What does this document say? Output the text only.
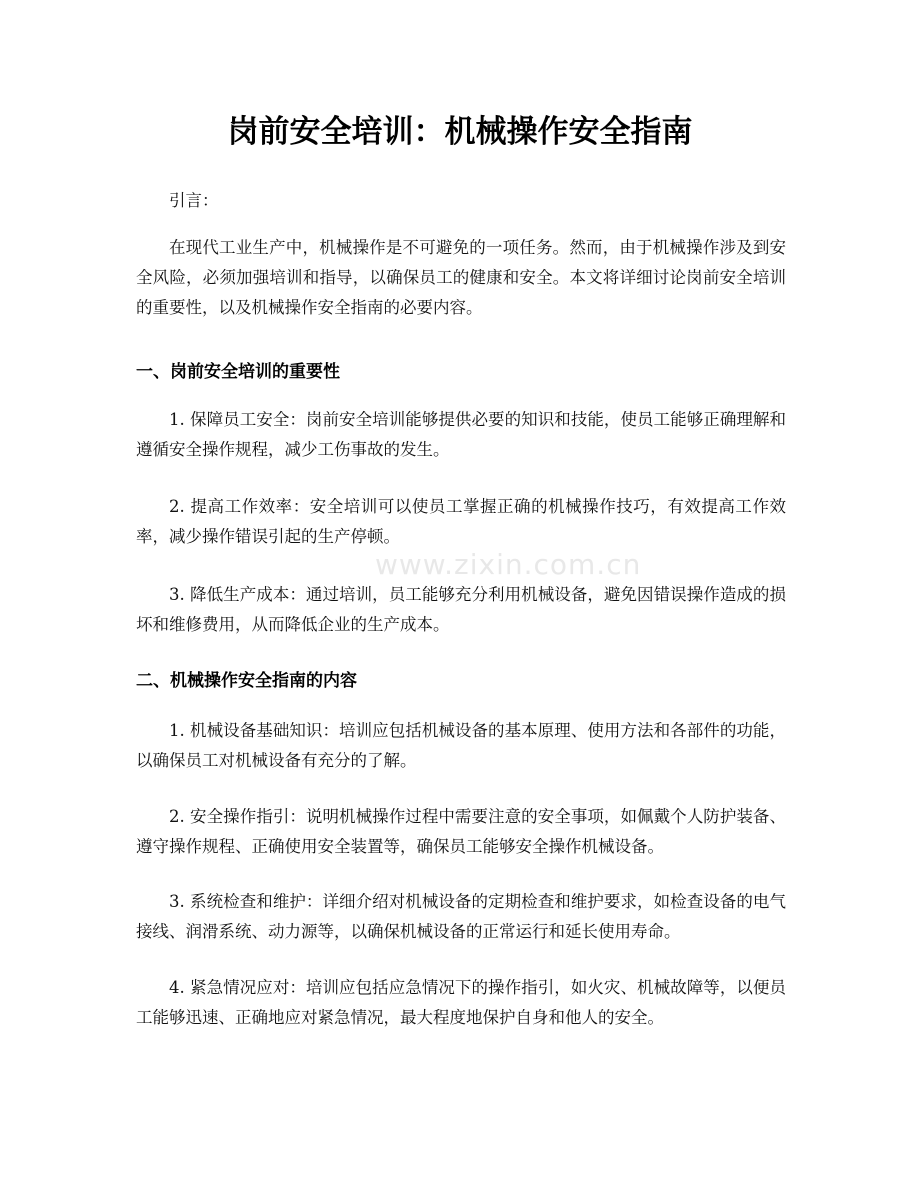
www.zixin.com.cn
岗前安全培训：机械操作安全指南

引言：

在现代工业生产中，机械操作是不可避免的一项任务。然而，由于机械操作涉及到安全风险，必须加强培训和指导，以确保员工的健康和安全。本文将详细讨论岗前安全培训的重要性，以及机械操作安全指南的必要内容。

一、岗前安全培训的重要性

1. 保障员工安全：岗前安全培训能够提供必要的知识和技能，使员工能够正确理解和遵循安全操作规程，减少工伤事故的发生。

2. 提高工作效率：安全培训可以使员工掌握正确的机械操作技巧，有效提高工作效率，减少操作错误引起的生产停顿。

3. 降低生产成本：通过培训，员工能够充分利用机械设备，避免因错误操作造成的损坏和维修费用，从而降低企业的生产成本。

二、机械操作安全指南的内容

1. 机械设备基础知识：培训应包括机械设备的基本原理、使用方法和各部件的功能，以确保员工对机械设备有充分的了解。

2. 安全操作指引：说明机械操作过程中需要注意的安全事项，如佩戴个人防护装备、遵守操作规程、正确使用安全装置等，确保员工能够安全操作机械设备。

3. 系统检查和维护：详细介绍对机械设备的定期检查和维护要求，如检查设备的电气接线、润滑系统、动力源等，以确保机械设备的正常运行和延长使用寿命。

4. 紧急情况应对：培训应包括应急情况下的操作指引，如火灾、机械故障等，以便员工能够迅速、正确地应对紧急情况，最大程度地保护自身和他人的安全。
